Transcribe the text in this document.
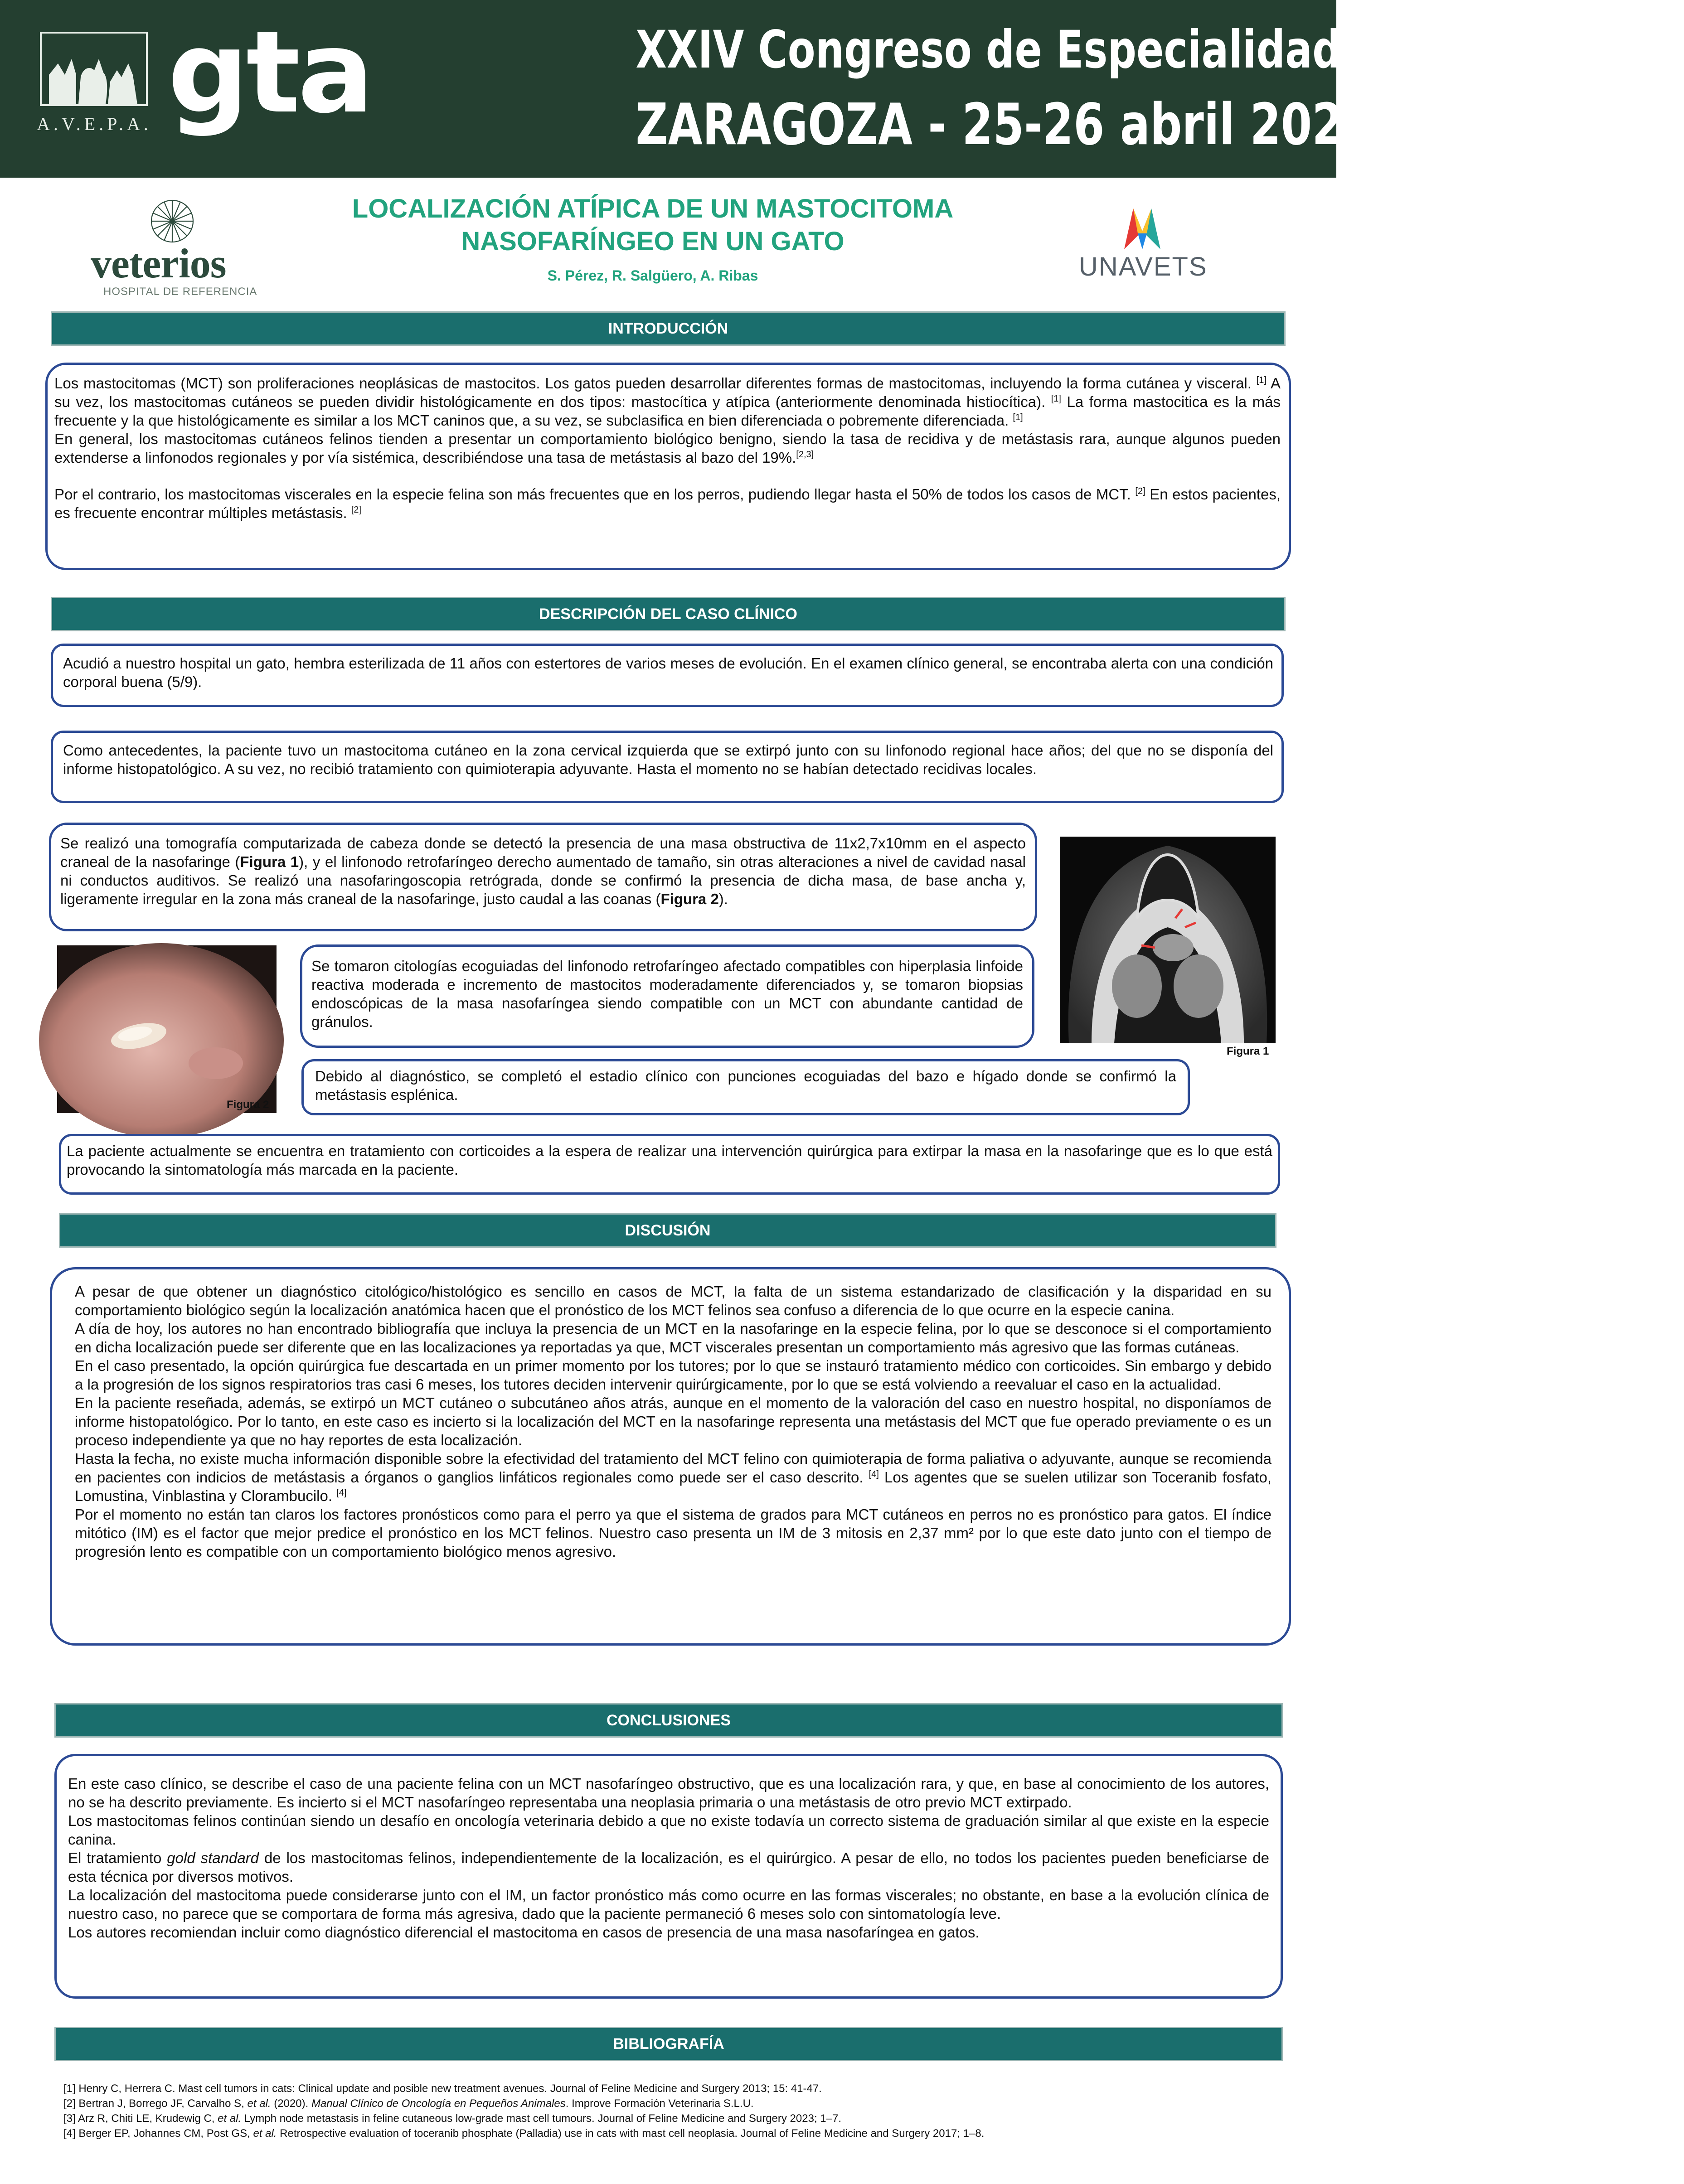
A.V.E.P.A. gta	XXIV Congreso de Especialidades Veterinarias
ZARAGOZA - 25-26 abril 2025
veterios
HOSPITAL DE REFERENCIA
UNAVETS
LOCALIZACIÓN ATÍPICA DE UN MASTOCITOMA
NASOFARÍNGEO EN UN GATO
S. Pérez, R. Salgüero, A. Ribas
INTRODUCCIÓN

Los mastocitomas (MCT) son proliferaciones neoplásicas de mastocitos. Los gatos pueden desarrollar diferentes formas de mastocitomas, incluyendo la forma cutánea y visceral. [1] A su vez, los mastocitomas cutáneos se pueden dividir histológicamente en dos tipos: mastocítica y atípica (anteriormente denominada histiocítica). [1] La forma mastocitica es la más frecuente y la que histológicamente es similar a los MCT caninos que, a su vez, se subclasifica en bien diferenciada o pobremente diferenciada. [1]

En general, los mastocitomas cutáneos felinos tienden a presentar un comportamiento biológico benigno, siendo la tasa de recidiva y de metástasis rara, aunque algunos pueden extenderse a linfonodos regionales y por vía sistémica, describiéndose una tasa de metástasis al bazo del 19%.[2,3]

Por el contrario, los mastocitomas viscerales en la especie felina son más frecuentes que en los perros, pudiendo llegar hasta el 50% de todos los casos de MCT. [2] En estos pacientes, es frecuente encontrar múltiples metástasis. [2]

DESCRIPCIÓN DEL CASO CLÍNICO
Acudió a nuestro hospital un gato, hembra esterilizada de 11 años con estertores de varios meses de evolución. En el examen clínico general, se encontraba alerta con una condición corporal buena (5/9).
Como antecedentes, la paciente tuvo un mastocitoma cutáneo en la zona cervical izquierda que se extirpó junto con su linfonodo regional hace años; del que no se disponía del informe histopatológico. A su vez, no recibió tratamiento con quimioterapia adyuvante. Hasta el momento no se habían detectado recidivas locales.
Se realizó una tomografía computarizada de cabeza donde se detectó la presencia de una masa obstructiva de 11x2,7x10mm en el aspecto craneal de la nasofaringe (Figura 1), y el linfonodo retrofaríngeo derecho aumentado de tamaño, sin otras alteraciones a nivel de cavidad nasal ni conductos auditivos. Se realizó una nasofaringoscopia retrógrada, donde se confirmó la presencia de dicha masa, de base ancha y, ligeramente irregular en la zona más craneal de la nasofaringe, justo caudal a las coanas (Figura 2).
Figura 1
Figura 2
Se tomaron citologías ecoguiadas del linfonodo retrofaríngeo afectado compatibles con hiperplasia linfoide reactiva moderada e incremento de mastocitos moderadamente diferenciados y, se tomaron biopsias endoscópicas de la masa nasofaríngea siendo compatible con un MCT con abundante cantidad de gránulos.
Debido al diagnóstico, se completó el estadio clínico con punciones ecoguiadas del bazo e hígado donde se confirmó la metástasis esplénica.
La paciente actualmente se encuentra en tratamiento con corticoides a la espera de realizar una intervención quirúrgica para extirpar la masa en la nasofaringe que es lo que está provocando la sintomatología más marcada en la paciente.
DISCUSIÓN

A pesar de que obtener un diagnóstico citológico/histológico es sencillo en casos de MCT, la falta de un sistema estandarizado de clasificación y la disparidad en su comportamiento biológico según la localización anatómica hacen que el pronóstico de los MCT felinos sea confuso a diferencia de lo que ocurre en la especie canina.

A día de hoy, los autores no han encontrado bibliografía que incluya la presencia de un MCT en la nasofaringe en la especie felina, por lo que se desconoce si el comportamiento en dicha localización puede ser diferente que en las localizaciones ya reportadas ya que, MCT viscerales presentan un comportamiento más agresivo que las formas cutáneas.

En el caso presentado, la opción quirúrgica fue descartada en un primer momento por los tutores; por lo que se instauró tratamiento médico con corticoides. Sin embargo y debido a la progresión de los signos respiratorios tras casi 6 meses, los tutores deciden intervenir quirúrgicamente, por lo que se está volviendo a reevaluar el caso en la actualidad.

En la paciente reseñada, además, se extirpó un MCT cutáneo o subcutáneo años atrás, aunque en el momento de la valoración del caso en nuestro hospital, no disponíamos de informe histopatológico. Por lo tanto, en este caso es incierto si la localización del MCT en la nasofaringe representa una metástasis del MCT que fue operado previamente o es un proceso independiente ya que no hay reportes de esta localización.

Hasta la fecha, no existe mucha información disponible sobre la efectividad del tratamiento del MCT felino con quimioterapia de forma paliativa o adyuvante, aunque se recomienda en pacientes con indicios de metástasis a órganos o ganglios linfáticos regionales como puede ser el caso descrito. [4] Los agentes que se suelen utilizar son Toceranib fosfato, Lomustina, Vinblastina y Clorambucilo. [4]

Por el momento no están tan claros los factores pronósticos como para el perro ya que el sistema de grados para MCT cutáneos en perros no es pronóstico para gatos. El índice mitótico (IM) es el factor que mejor predice el pronóstico en los MCT felinos. Nuestro caso presenta un IM de 3 mitosis en 2,37 mm² por lo que este dato junto con el tiempo de progresión lento es compatible con un comportamiento biológico menos agresivo.

CONCLUSIONES

En este caso clínico, se describe el caso de una paciente felina con un MCT nasofaríngeo obstructivo, que es una localización rara, y que, en base al conocimiento de los autores, no se ha descrito previamente. Es incierto si el MCT nasofaríngeo representaba una neoplasia primaria o una metástasis de otro previo MCT extirpado.

Los mastocitomas felinos continúan siendo un desafío en oncología veterinaria debido a que no existe todavía un correcto sistema de graduación similar al que existe en la especie canina.

El tratamiento gold standard de los mastocitomas felinos, independientemente de la localización, es el quirúrgico. A pesar de ello, no todos los pacientes pueden beneficiarse de esta técnica por diversos motivos.

La localización del mastocitoma puede considerarse junto con el IM, un factor pronóstico más como ocurre en las formas viscerales; no obstante, en base a la evolución clínica de nuestro caso, no parece que se comportara de forma más agresiva, dado que la paciente permaneció 6 meses solo con sintomatología leve.

Los autores recomiendan incluir como diagnóstico diferencial el mastocitoma en casos de presencia de una masa nasofaríngea en gatos.

BIBLIOGRAFÍA
[1] Henry C, Herrera C. Mast cell tumors in cats: Clinical update and posible new treatment avenues. Journal of Feline Medicine and Surgery 2013; 15: 41-47.
[2] Bertran J, Borrego JF, Carvalho S, et al. (2020). Manual Clínico de Oncología en Pequeños Animales. Improve Formación Veterinaria S.L.U.
[3] Arz R, Chiti LE, Krudewig C, et al. Lymph node metastasis in feline cutaneous low-grade mast cell tumours. Journal of Feline Medicine and Surgery 2023; 1–7.
[4] Berger EP, Johannes CM, Post GS, et al. Retrospective evaluation of toceranib phosphate (Palladia) use in cats with mast cell neoplasia. Journal of Feline Medicine and Surgery 2017; 1–8.
